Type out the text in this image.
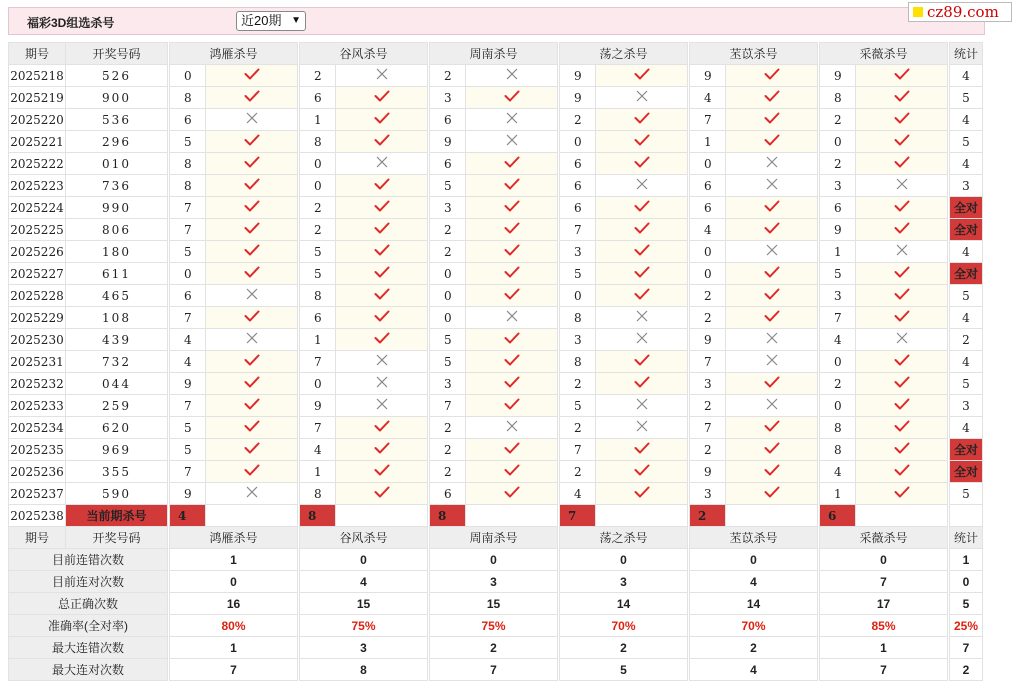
福彩3D组选杀号	近20期 ▼	cz89.com
期号	开奖号码		鸿雁杀号			谷风杀号			周南杀号			荡之杀号			苤苡杀号			采薇杀号			统计
2025218	526		0			2			2			9			9			9			4
2025219	900		8			6			3			9			4			8			5
2025220	536		6			1			6			2			7			2			4
2025221	296		5			8			9			0			1			0			5
2025222	010		8			0			6			6			0			2			4
2025223	736		8			0			5			6			6			3			3
2025224	990		7			2			3			6			6			6			全对
2025225	806		7			2			2			7			4			9			全对
2025226	180		5			5			2			3			0			1			4
2025227	611		0			5			0			5			0			5			全对
2025228	465		6			8			0			0			2			3			5
2025229	108		7			6			0			8			2			7			4
2025230	439		4			1			5			3			9			4			2
2025231	732		4			7			5			8			7			0			4
2025232	044		9			0			3			2			3			2			5
2025233	259		7			9			7			5			2			0			3
2025234	620		5			7			2			2			7			8			4
2025235	969		5			4			2			7			2			8			全对
2025236	355		7			1			2			2			9			4			全对
2025237	590		9			8			6			4			3			1			5
2025238	当前期杀号		4			8			8			7			2			6			
期号	开奖号码		鸿雁杀号			谷风杀号			周南杀号			荡之杀号			苤苡杀号			采薇杀号			统计
目前连错次数			1			0			0			0			0			0			1
目前连对次数			0			4			3			3			4			7			0
总正确次数			16			15			15			14			14			17			5
准确率(全对率)			80%			75%			75%			70%			70%			85%			25%
最大连错次数			1			3			2			2			2			1			7
最大连对次数			7			8			7			5			4			7			2
